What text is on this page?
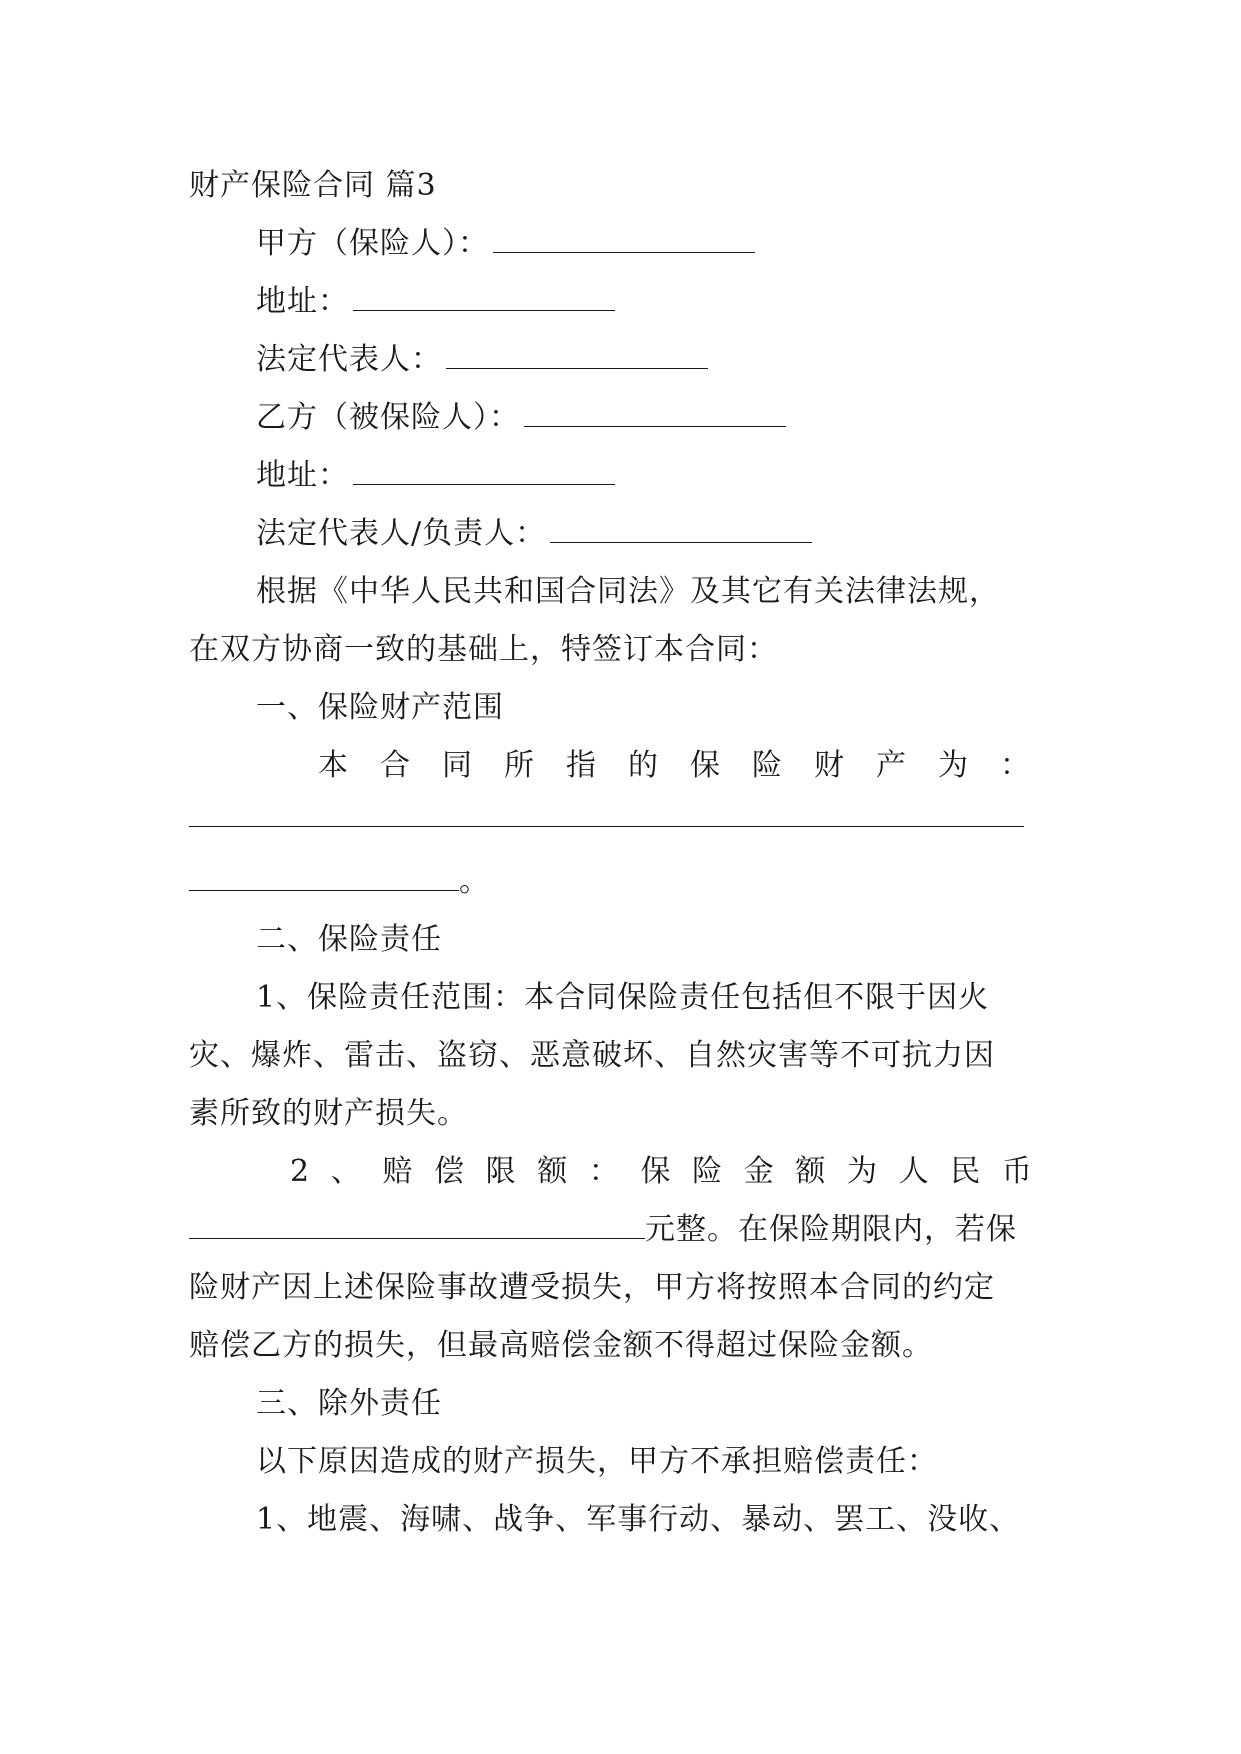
财产保险合同 篇3
甲方（保险人）：
地址：
法定代表人：
乙方（被保险人）：
地址：
法定代表人/负责人：
根据《中华人民共和国合同法》及其它有关法律法规，
在双方协商一致的基础上，特签订本合同：
一、保险财产范围
本 合 同 所 指 的 保 险 财 产 为 ：
。
二、保险责任
1、保险责任范围：本合同保险责任包括但不限于因火
灾、爆炸、雷击、盗窃、恶意破坏、自然灾害等不可抗力因
素所致的财产损失。
2 、 赔 偿 限 额 ： 保 险 金 额 为 人 民 币
元整。在保险期限内，若保
险财产因上述保险事故遭受损失，甲方将按照本合同的约定
赔偿乙方的损失，但最高赔偿金额不得超过保险金额。
三、除外责任
以下原因造成的财产损失，甲方不承担赔偿责任：
1、地震、海啸、战争、军事行动、暴动、罢工、没收、
